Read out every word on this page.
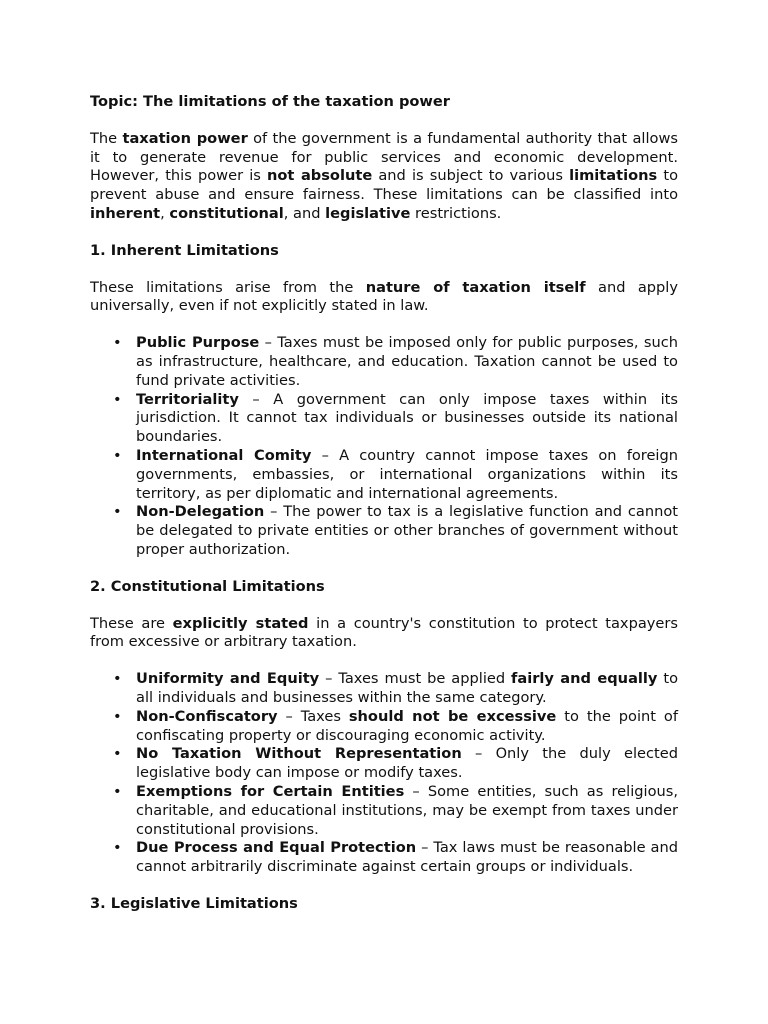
Topic: The limitations of the taxation power

The taxation power of the government is a fundamental authority that allows it to generate revenue for public services and economic development. However, this power is not absolute and is subject to various limitations to prevent abuse and ensure fairness. These limitations can be classified into inherent, constitutional, and legislative restrictions.

1. Inherent Limitations

These limitations arise from the nature of taxation itself and apply universally, even if not explicitly stated in law.

• Public Purpose – Taxes must be imposed only for public purposes, such as infrastructure, healthcare, and education. Taxation cannot be used to fund private activities.
• Territoriality – A government can only impose taxes within its jurisdiction. It cannot tax individuals or businesses outside its national boundaries.
• International Comity – A country cannot impose taxes on foreign governments, embassies, or international organizations within its territory, as per diplomatic and international agreements.
• Non-Delegation – The power to tax is a legislative function and cannot be delegated to private entities or other branches of government without proper authorization.
2. Constitutional Limitations

These are explicitly stated in a country's constitution to protect taxpayers from excessive or arbitrary taxation.

• Uniformity and Equity – Taxes must be applied fairly and equally to all individuals and businesses within the same category.
• Non-Confiscatory – Taxes should not be excessive to the point of confiscating property or discouraging economic activity.
• No Taxation Without Representation – Only the duly elected legislative body can impose or modify taxes.
• Exemptions for Certain Entities – Some entities, such as religious, charitable, and educational institutions, may be exempt from taxes under constitutional provisions.
• Due Process and Equal Protection – Tax laws must be reasonable and cannot arbitrarily discriminate against certain groups or individuals.
3. Legislative Limitations
